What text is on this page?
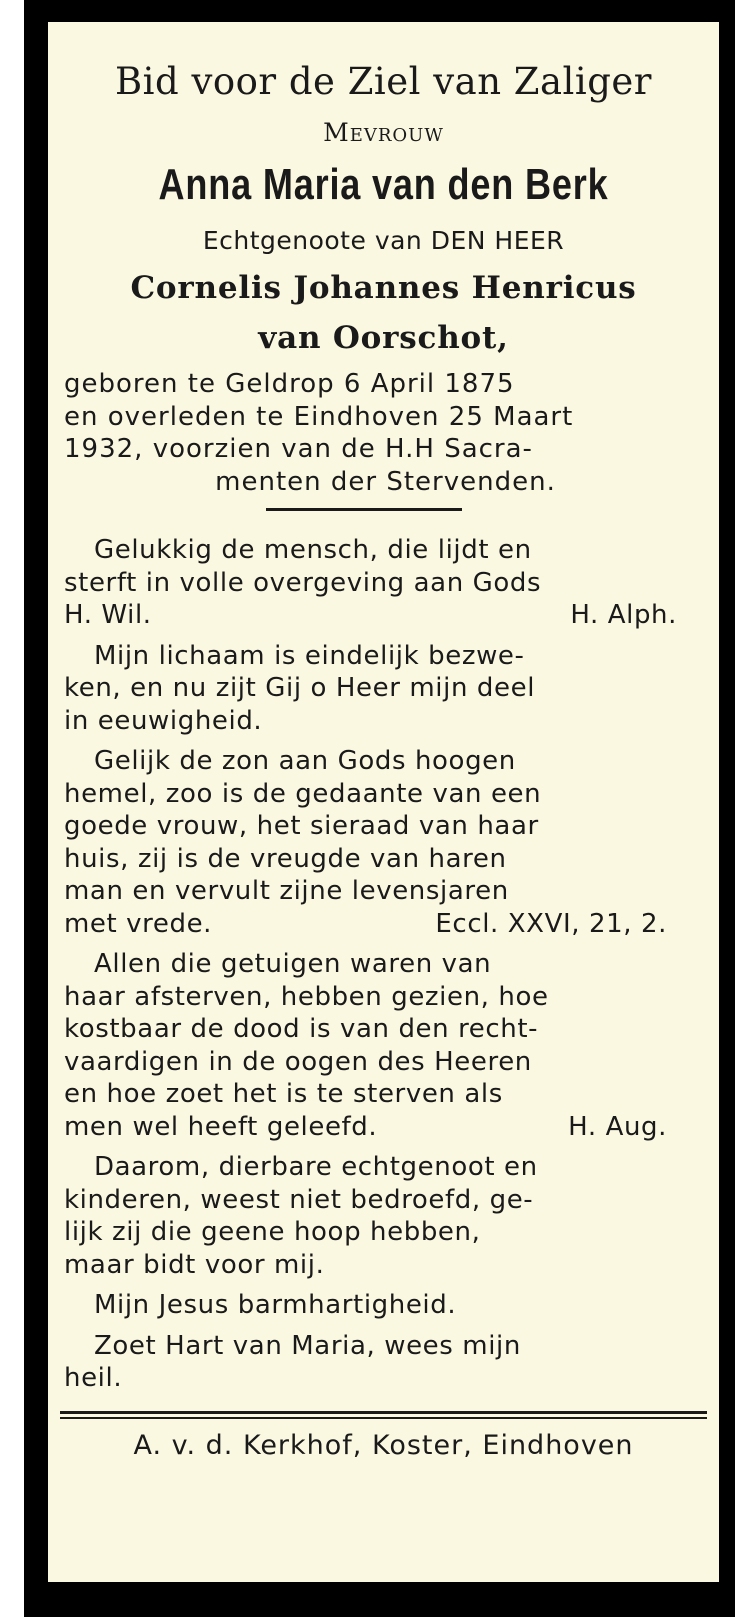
Bid voor de Ziel van Zaliger
Mevrouw
Anna Maria van den Berk
Echtgenoote van DEN HEER
Cornelis Johannes Henricus
van Oorschot,
geboren te Geldrop 6 April 1875
en overleden te Eindhoven 25 Maart
1932, voorzien van de H.H Sacra-
menten der Stervenden.
Gelukkig de mensch, die lijdt en
sterft in volle overgeving aan Gods
H. Wil.	H. Alph.
Mijn lichaam is eindelijk bezwe-
ken, en nu zijt Gij o Heer mijn deel
in eeuwigheid.
Gelijk de zon aan Gods hoogen
hemel, zoo is de gedaante van een
goede vrouw, het sieraad van haar
huis, zij is de vreugde van haren
man en vervult zijne levensjaren
met vrede.	Eccl. XXVI, 21, 2.
Allen die getuigen waren van
haar afsterven, hebben gezien, hoe
kostbaar de dood is van den recht-
vaardigen in de oogen des Heeren
en hoe zoet het is te sterven als
men wel heeft geleefd.	H. Aug.
Daarom, dierbare echtgenoot en
kinderen, weest niet bedroefd, ge-
lijk zij die geene hoop hebben,
maar bidt voor mij.
Mijn Jesus barmhartigheid.
Zoet Hart van Maria, wees mijn
heil.
A. v. d. Kerkhof, Koster, Eindhoven
